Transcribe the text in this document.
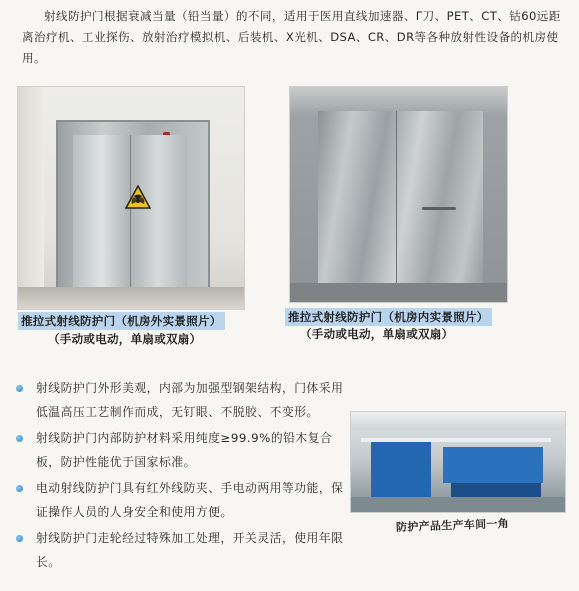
射线防护门根据衰减当量（铅当量）的不同，适用于医用直线加速器、Γ刀、PET、CT、钴60远距离治疗机、工业探伤、放射治疗模拟机、后装机、X光机、DSA、CR、DR等各种放射性设备的机房使用。
推拉式射线防护门（机房外实景照片）
（手动或电动，单扇或双扇）
推拉式射线防护门（机房内实景照片）
（手动或电动，单扇或双扇）
射线防护门外形美观，内部为加强型钢架结构，门体采用低温高压工艺制作而成，无钉眼、不脱胶、不变形。
射线防护门内部防护材料采用纯度≥99.9%的铅木复合板，防护性能优于国家标准。
电动射线防护门具有红外线防夹、手电动两用等功能，保证操作人员的人身安全和使用方便。
射线防护门走轮经过特殊加工处理，开关灵活，使用年限长。
防护产品生产车间一角
